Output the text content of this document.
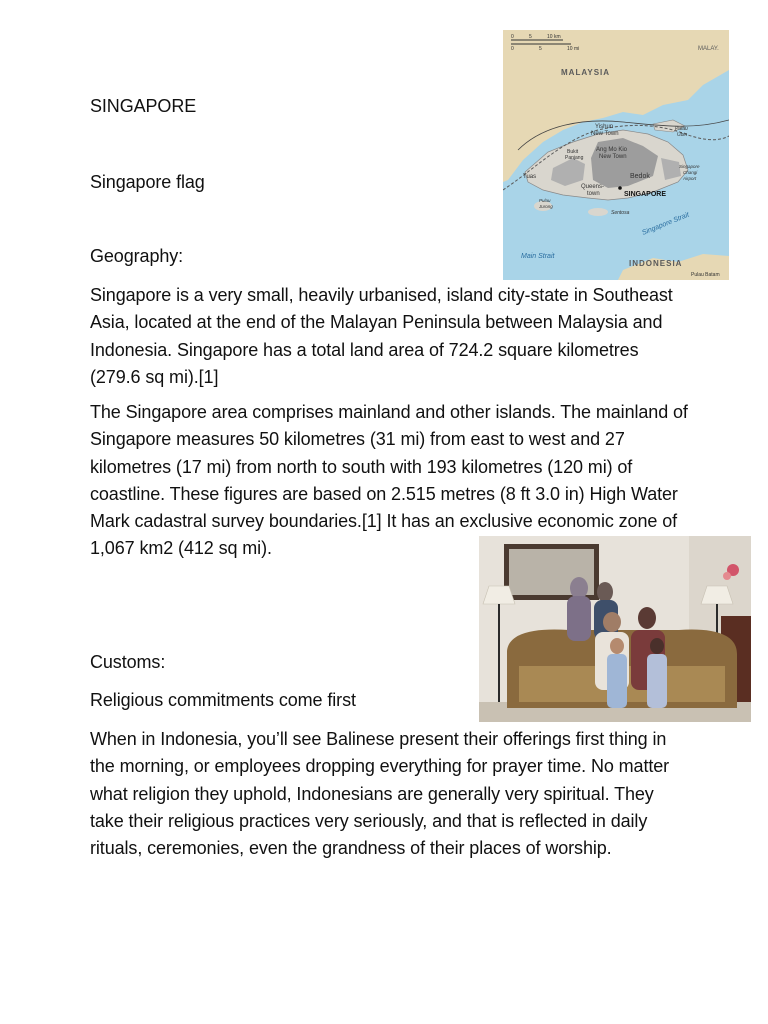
SINGAPORE

Singapore flag

Geography:

Singapore is a very small, heavily urbanised, island city-state in Southeast Asia, located at the end of the Malayan Peninsula between Malaysia and Indonesia. Singapore has a total land area of 724.2 square kilometres (279.6 sq mi).[1]

The Singapore area comprises mainland and other islands. The mainland of Singapore measures 50 kilometres (31 mi) from east to west and 27 kilometres (17 mi) from north to south with 193 kilometres (120 mi) of coastline. These figures are based on 2.515 metres (8 ft 3.0 in) High Water Mark cadastral survey boundaries.[1] It has an exclusive economic zone of 1,067 km2 (412 sq mi).

Customs:

Religious commitments come first

When in Indonesia, you’ll see Balinese present their offerings first thing in the morning, or employees dropping everything for prayer time. No matter what religion they uphold, Indonesians are generally very spiritual. They take their religious practices very seriously, and that is reflected in daily rituals, ceremonies, even the grandness of their places of worship.

0	5	10 km
0	5	10 mi
MALAYSIA
MALAY.
Yishun
New Town
Ang Mo Kio
New Town
Bukit
Panjang
Pulau
Ubin
Tuas	Bedok
Singapore
Changi
Airport
Queens-
town	SINGAPORE
Sentosa
Pulau
Jurong
Singapore Strait
Main Strait
INDONESIA
Pulau Batam
